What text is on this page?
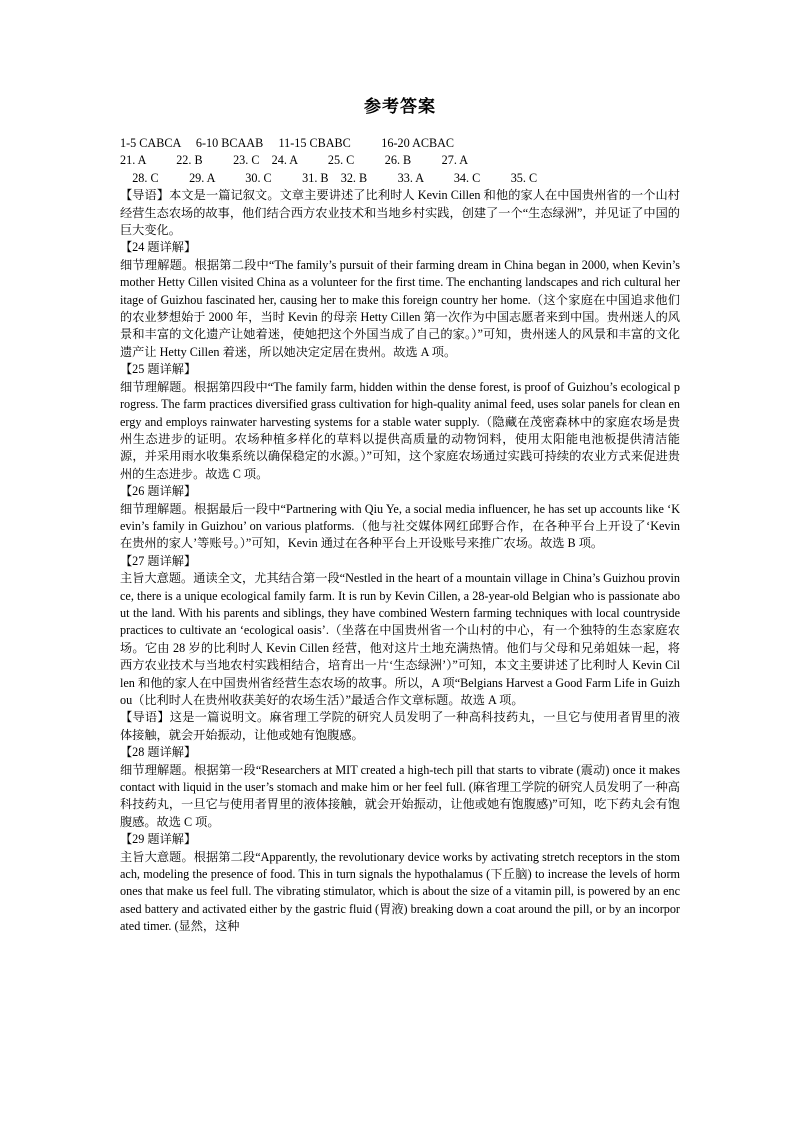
参考答案
1-5 CABCA     6-10 BCAAB     11-15 CBABC          16-20 ACBAC
21. A          22. B          23. C    24. A          25. C          26. B          27. A
28. C          29. A          30. C          31. B    32. B          33. A          34. C          35. C
【导语】本文是一篇记叙文。文章主要讲述了比利时人 Kevin Cillen 和他的家人在中国贵州省的一个山村经营生态农场的故事，他们结合西方农业技术和当地乡村实践，创建了一个“生态绿洲”，并见证了中国的巨大变化。
【24 题详解】
细节理解题。根据第二段中“The family’s pursuit of their farming dream in China began in 2000, when Kevin’s mother Hetty Cillen visited China as a volunteer for the first time. The enchanting landscapes and rich cultural heritage of Guizhou fascinated her, causing her to make this foreign country her home.（这个家庭在中国追求他们的农业梦想始于 2000 年，当时 Kevin 的母亲 Hetty Cillen 第一次作为中国志愿者来到中国。贵州迷人的风景和丰富的文化遗产让她着迷，使她把这个外国当成了自己的家。）”可知，贵州迷人的风景和丰富的文化遗产让 Hetty Cillen 着迷，所以她决定定居在贵州。故选 A 项。
【25 题详解】
细节理解题。根据第四段中“The family farm, hidden within the dense forest, is proof of Guizhou’s ecological progress. The farm practices diversified grass cultivation for high-quality animal feed, uses solar panels for clean energy and employs rainwater harvesting systems for a stable water supply.（隐藏在茂密森林中的家庭农场是贵州生态进步的证明。农场种植多样化的草料以提供高质量的动物饲料，使用太阳能电池板提供清洁能源，并采用雨水收集系统以确保稳定的水源。）”可知，这个家庭农场通过实践可持续的农业方式来促进贵州的生态进步。故选 C 项。
【26 题详解】
细节理解题。根据最后一段中“Partnering with Qiu Ye, a social media influencer, he has set up accounts like ‘Kevin’s family in Guizhou’ on various platforms.（他与社交媒体网红邱野合作，在各种平台上开设了‘Kevin 在贵州的家人’等账号。）”可知，Kevin 通过在各种平台上开设账号来推广农场。故选 B 项。
【27 题详解】
主旨大意题。通读全文，尤其结合第一段“Nestled in the heart of a mountain village in China’s Guizhou province, there is a unique ecological family farm. It is run by Kevin Cillen, a 28-year-old Belgian who is passionate about the land. With his parents and siblings, they have combined Western farming techniques with local countryside practices to cultivate an ‘ecological oasis’.（坐落在中国贵州省一个山村的中心，有一个独特的生态家庭农场。它由 28 岁的比利时人 Kevin Cillen 经营，他对这片土地充满热情。他们与父母和兄弟姐妹一起，将西方农业技术与当地农村实践相结合，培育出一片‘生态绿洲’）”可知，本文主要讲述了比利时人 Kevin Cillen 和他的家人在中国贵州省经营生态农场的故事。所以，A 项“Belgians Harvest a Good Farm Life in Guizhou（比利时人在贵州收获美好的农场生活）”最适合作文章标题。故选 A 项。
【导语】这是一篇说明文。麻省理工学院的研究人员发明了一种高科技药丸，一旦它与使用者胃里的液体接触，就会开始振动，让他或她有饱腹感。
【28 题详解】
细节理解题。根据第一段“Researchers at MIT created a high-tech pill that starts to vibrate (震动) once it makes contact with liquid in the user’s stomach and make him or her feel full. (麻省理工学院的研究人员发明了一种高科技药丸，一旦它与使用者胃里的液体接触，就会开始振动，让他或她有饱腹感)”可知，吃下药丸会有饱腹感。故选 C 项。
【29 题详解】
主旨大意题。根据第二段“Apparently, the revolutionary device works by activating stretch receptors in the stomach, modeling the presence of food. This in turn signals the hypothalamus (下丘脑) to increase the levels of hormones that make us feel full. The vibrating stimulator, which is about the size of a vitamin pill, is powered by an encased battery and activated either by the gastric fluid (胃液) breaking down a coat around the pill, or by an incorporated timer. (显然，这种
